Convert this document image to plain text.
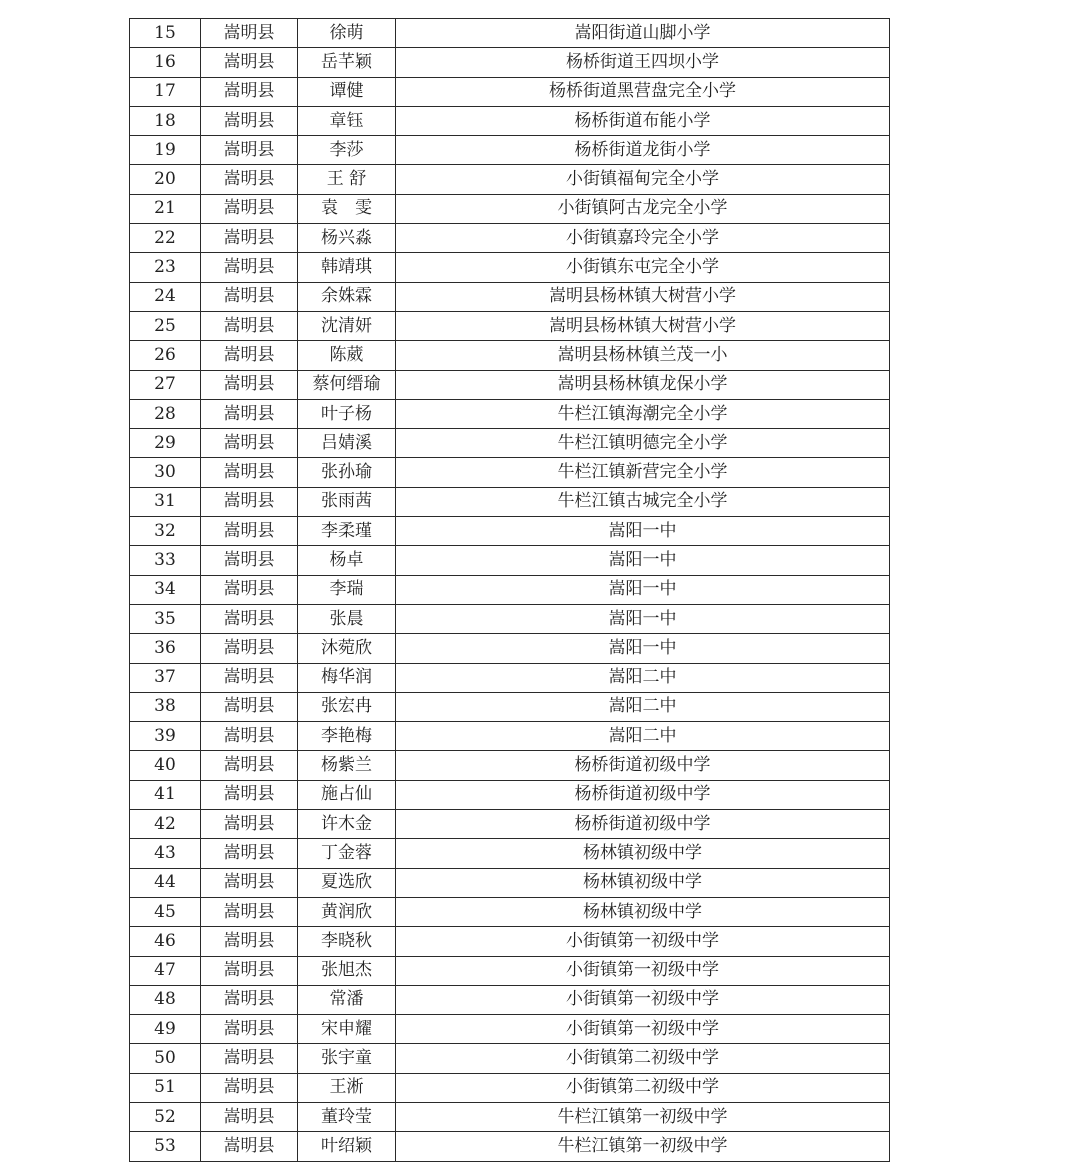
15	嵩明县	徐萌	嵩阳街道山脚小学
16	嵩明县	岳芊颖	杨桥街道王四坝小学
17	嵩明县	谭健	杨桥街道黑营盘完全小学
18	嵩明县	章钰	杨桥街道布能小学
19	嵩明县	李莎	杨桥街道龙街小学
20	嵩明县	王 舒	小街镇福甸完全小学
21	嵩明县	袁　雯	小街镇阿古龙完全小学
22	嵩明县	杨兴淼	小街镇嘉玲完全小学
23	嵩明县	韩靖琪	小街镇东屯完全小学
24	嵩明县	余姝霖	嵩明县杨林镇大树营小学
25	嵩明县	沈清妍	嵩明县杨林镇大树营小学
26	嵩明县	陈葳	嵩明县杨林镇兰茂一小
27	嵩明县	蔡何缙瑜	嵩明县杨林镇龙保小学
28	嵩明县	叶子杨	牛栏江镇海潮完全小学
29	嵩明县	吕婧溪	牛栏江镇明德完全小学
30	嵩明县	张孙瑜	牛栏江镇新营完全小学
31	嵩明县	张雨茜	牛栏江镇古城完全小学
32	嵩明县	李柔瑾	嵩阳一中
33	嵩明县	杨卓	嵩阳一中
34	嵩明县	李瑞	嵩阳一中
35	嵩明县	张晨	嵩阳一中
36	嵩明县	沐菀欣	嵩阳一中
37	嵩明县	梅华润	嵩阳二中
38	嵩明县	张宏冉	嵩阳二中
39	嵩明县	李艳梅	嵩阳二中
40	嵩明县	杨紫兰	杨桥街道初级中学
41	嵩明县	施占仙	杨桥街道初级中学
42	嵩明县	许木金	杨桥街道初级中学
43	嵩明县	丁金蓉	杨林镇初级中学
44	嵩明县	夏选欣	杨林镇初级中学
45	嵩明县	黄润欣	杨林镇初级中学
46	嵩明县	李晓秋	小街镇第一初级中学
47	嵩明县	张旭杰	小街镇第一初级中学
48	嵩明县	常潘	小街镇第一初级中学
49	嵩明县	宋申耀	小街镇第一初级中学
50	嵩明县	张宇童	小街镇第二初级中学
51	嵩明县	王淅	小街镇第二初级中学
52	嵩明县	董玲莹	牛栏江镇第一初级中学
53	嵩明县	叶绍颖	牛栏江镇第一初级中学
